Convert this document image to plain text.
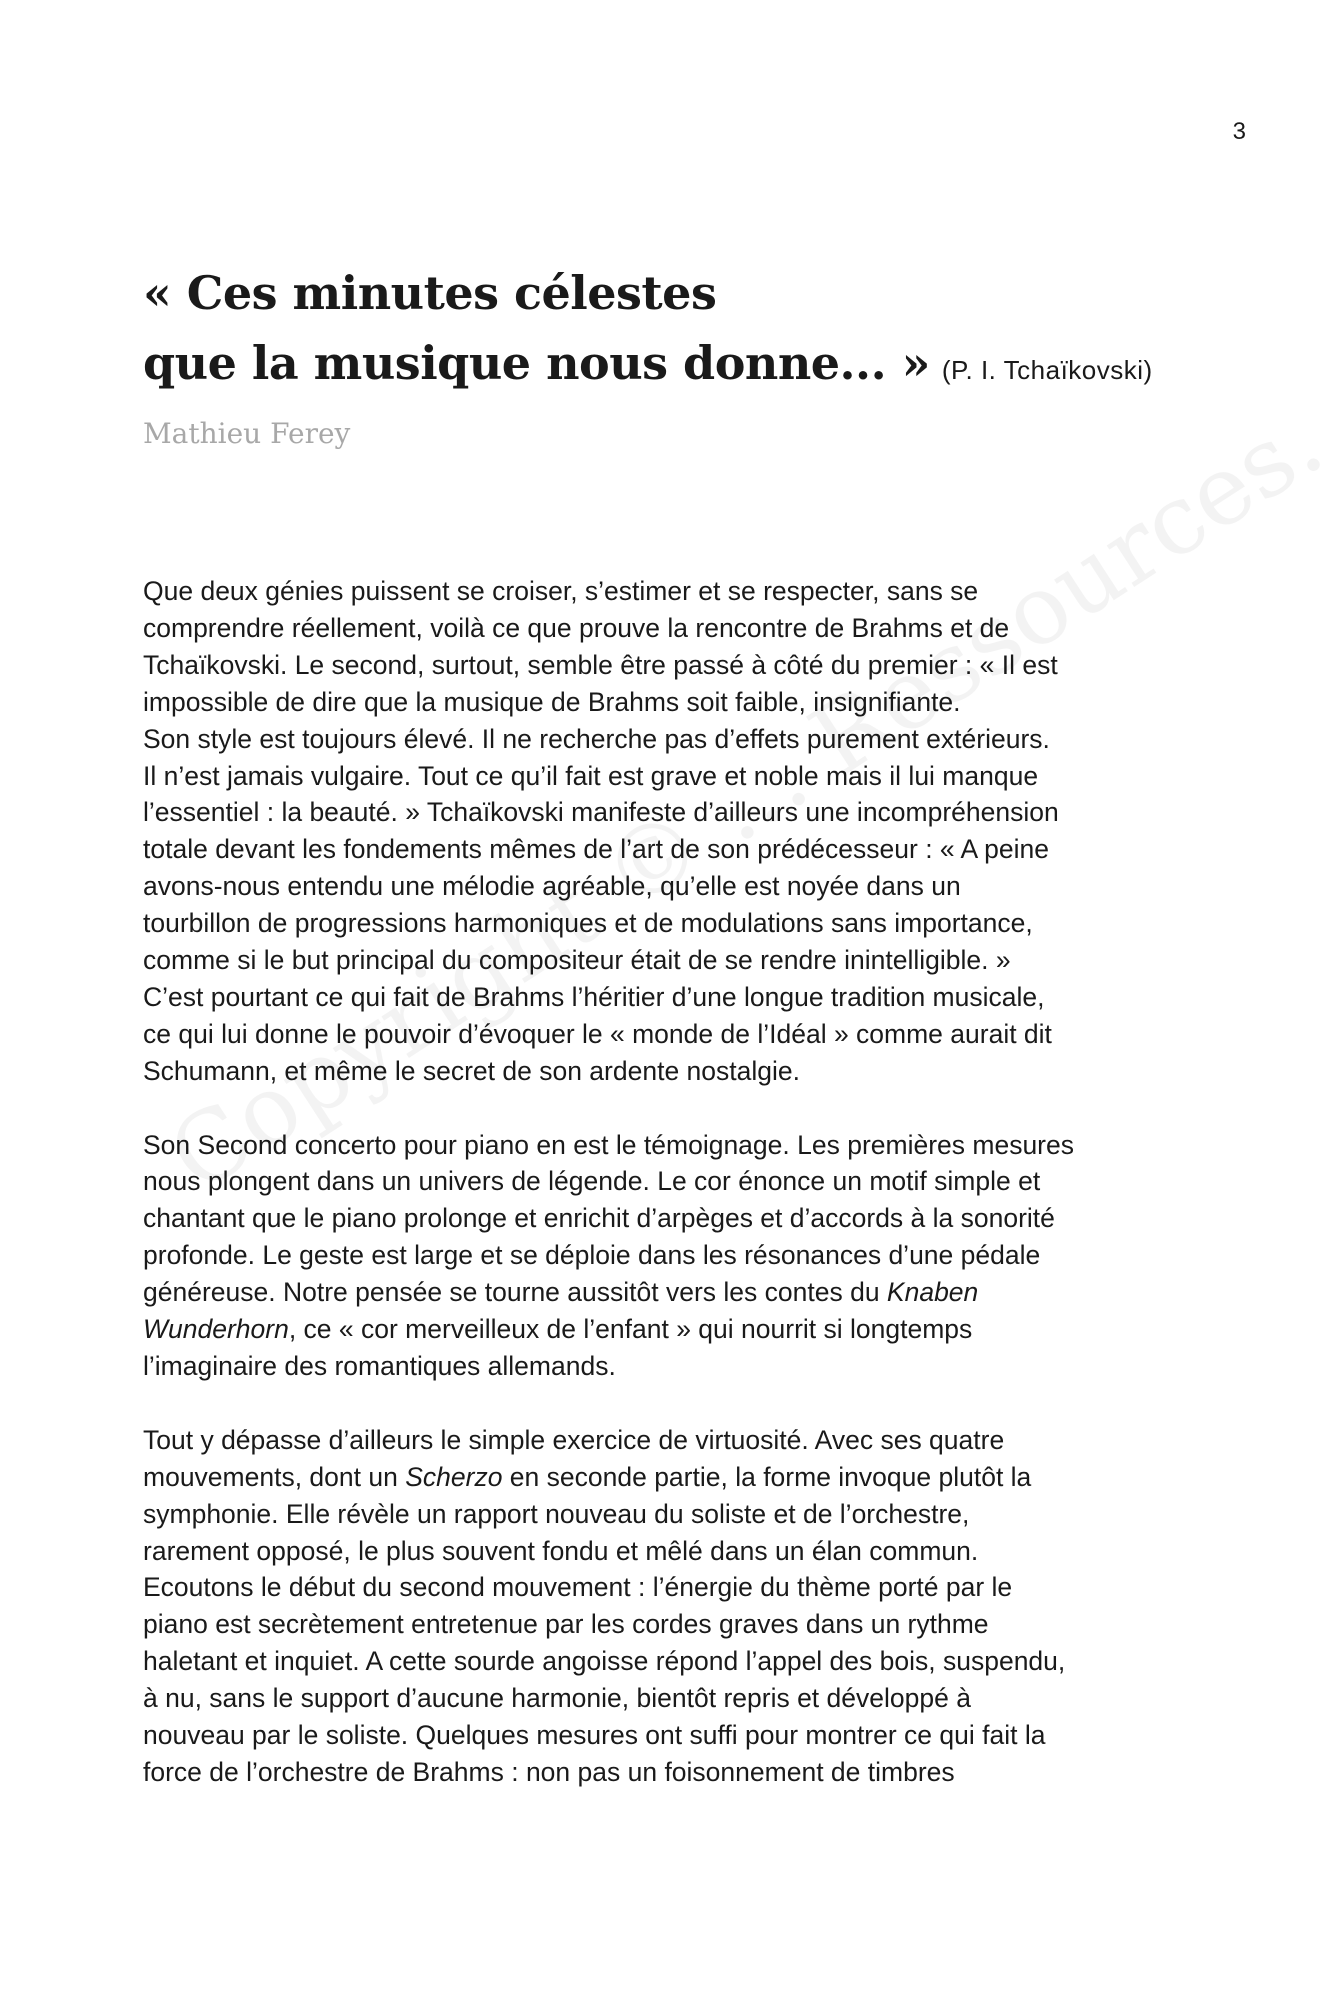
3
« Ces minutes célestes
que la musique nous donne... » (P. I. Tchaïkovski)
Mathieu Ferey

Que deux génies puissent se croiser, s’estimer et se respecter, sans se
comprendre réellement, voilà ce que prouve la rencontre de Brahms et de
Tchaïkovski. Le second, surtout, semble être passé à côté du premier : « Il est
impossible de dire que la musique de Brahms soit faible, insignifiante.
Son style est toujours élevé. Il ne recherche pas d’effets purement extérieurs.
Il n’est jamais vulgaire. Tout ce qu’il fait est grave et noble mais il lui manque
l’essentiel : la beauté. » Tchaïkovski manifeste d’ailleurs une incompréhension
totale devant les fondements mêmes de l’art de son prédécesseur : « A peine
avons-nous entendu une mélodie agréable, qu’elle est noyée dans un
tourbillon de progressions harmoniques et de modulations sans importance,
comme si le but principal du compositeur était de se rendre inintelligible. »
C’est pourtant ce qui fait de Brahms l’héritier d’une longue tradition musicale,
ce qui lui donne le pouvoir d’évoquer le « monde de l’Idéal » comme aurait dit
Schumann, et même le secret de son ardente nostalgie.

Son Second concerto pour piano en est le témoignage. Les premières mesures
nous plongent dans un univers de légende. Le cor énonce un motif simple et
chantant que le piano prolonge et enrichit d’arpèges et d’accords à la sonorité
profonde. Le geste est large et se déploie dans les résonances d’une pédale
généreuse. Notre pensée se tourne aussitôt vers les contes du Knaben
Wunderhorn, ce « cor merveilleux de l’enfant » qui nourrit si longtemps
l’imaginaire des romantiques allemands.

Tout y dépasse d’ailleurs le simple exercice de virtuosité. Avec ses quatre
mouvements, dont un Scherzo en seconde partie, la forme invoque plutôt la
symphonie. Elle révèle un rapport nouveau du soliste et de l’orchestre,
rarement opposé, le plus souvent fondu et mêlé dans un élan commun.
Ecoutons le début du second mouvement : l’énergie du thème porté par le
piano est secrètement entretenue par les cordes graves dans un rythme
haletant et inquiet. A cette sourde angoisse répond l’appel des bois, suspendu,
à nu, sans le support d’aucune harmonie, bientôt repris et développé à
nouveau par le soliste. Quelques mesures ont suffi pour montrer ce qui fait la
force de l’orchestre de Brahms : non pas un foisonnement de timbres
